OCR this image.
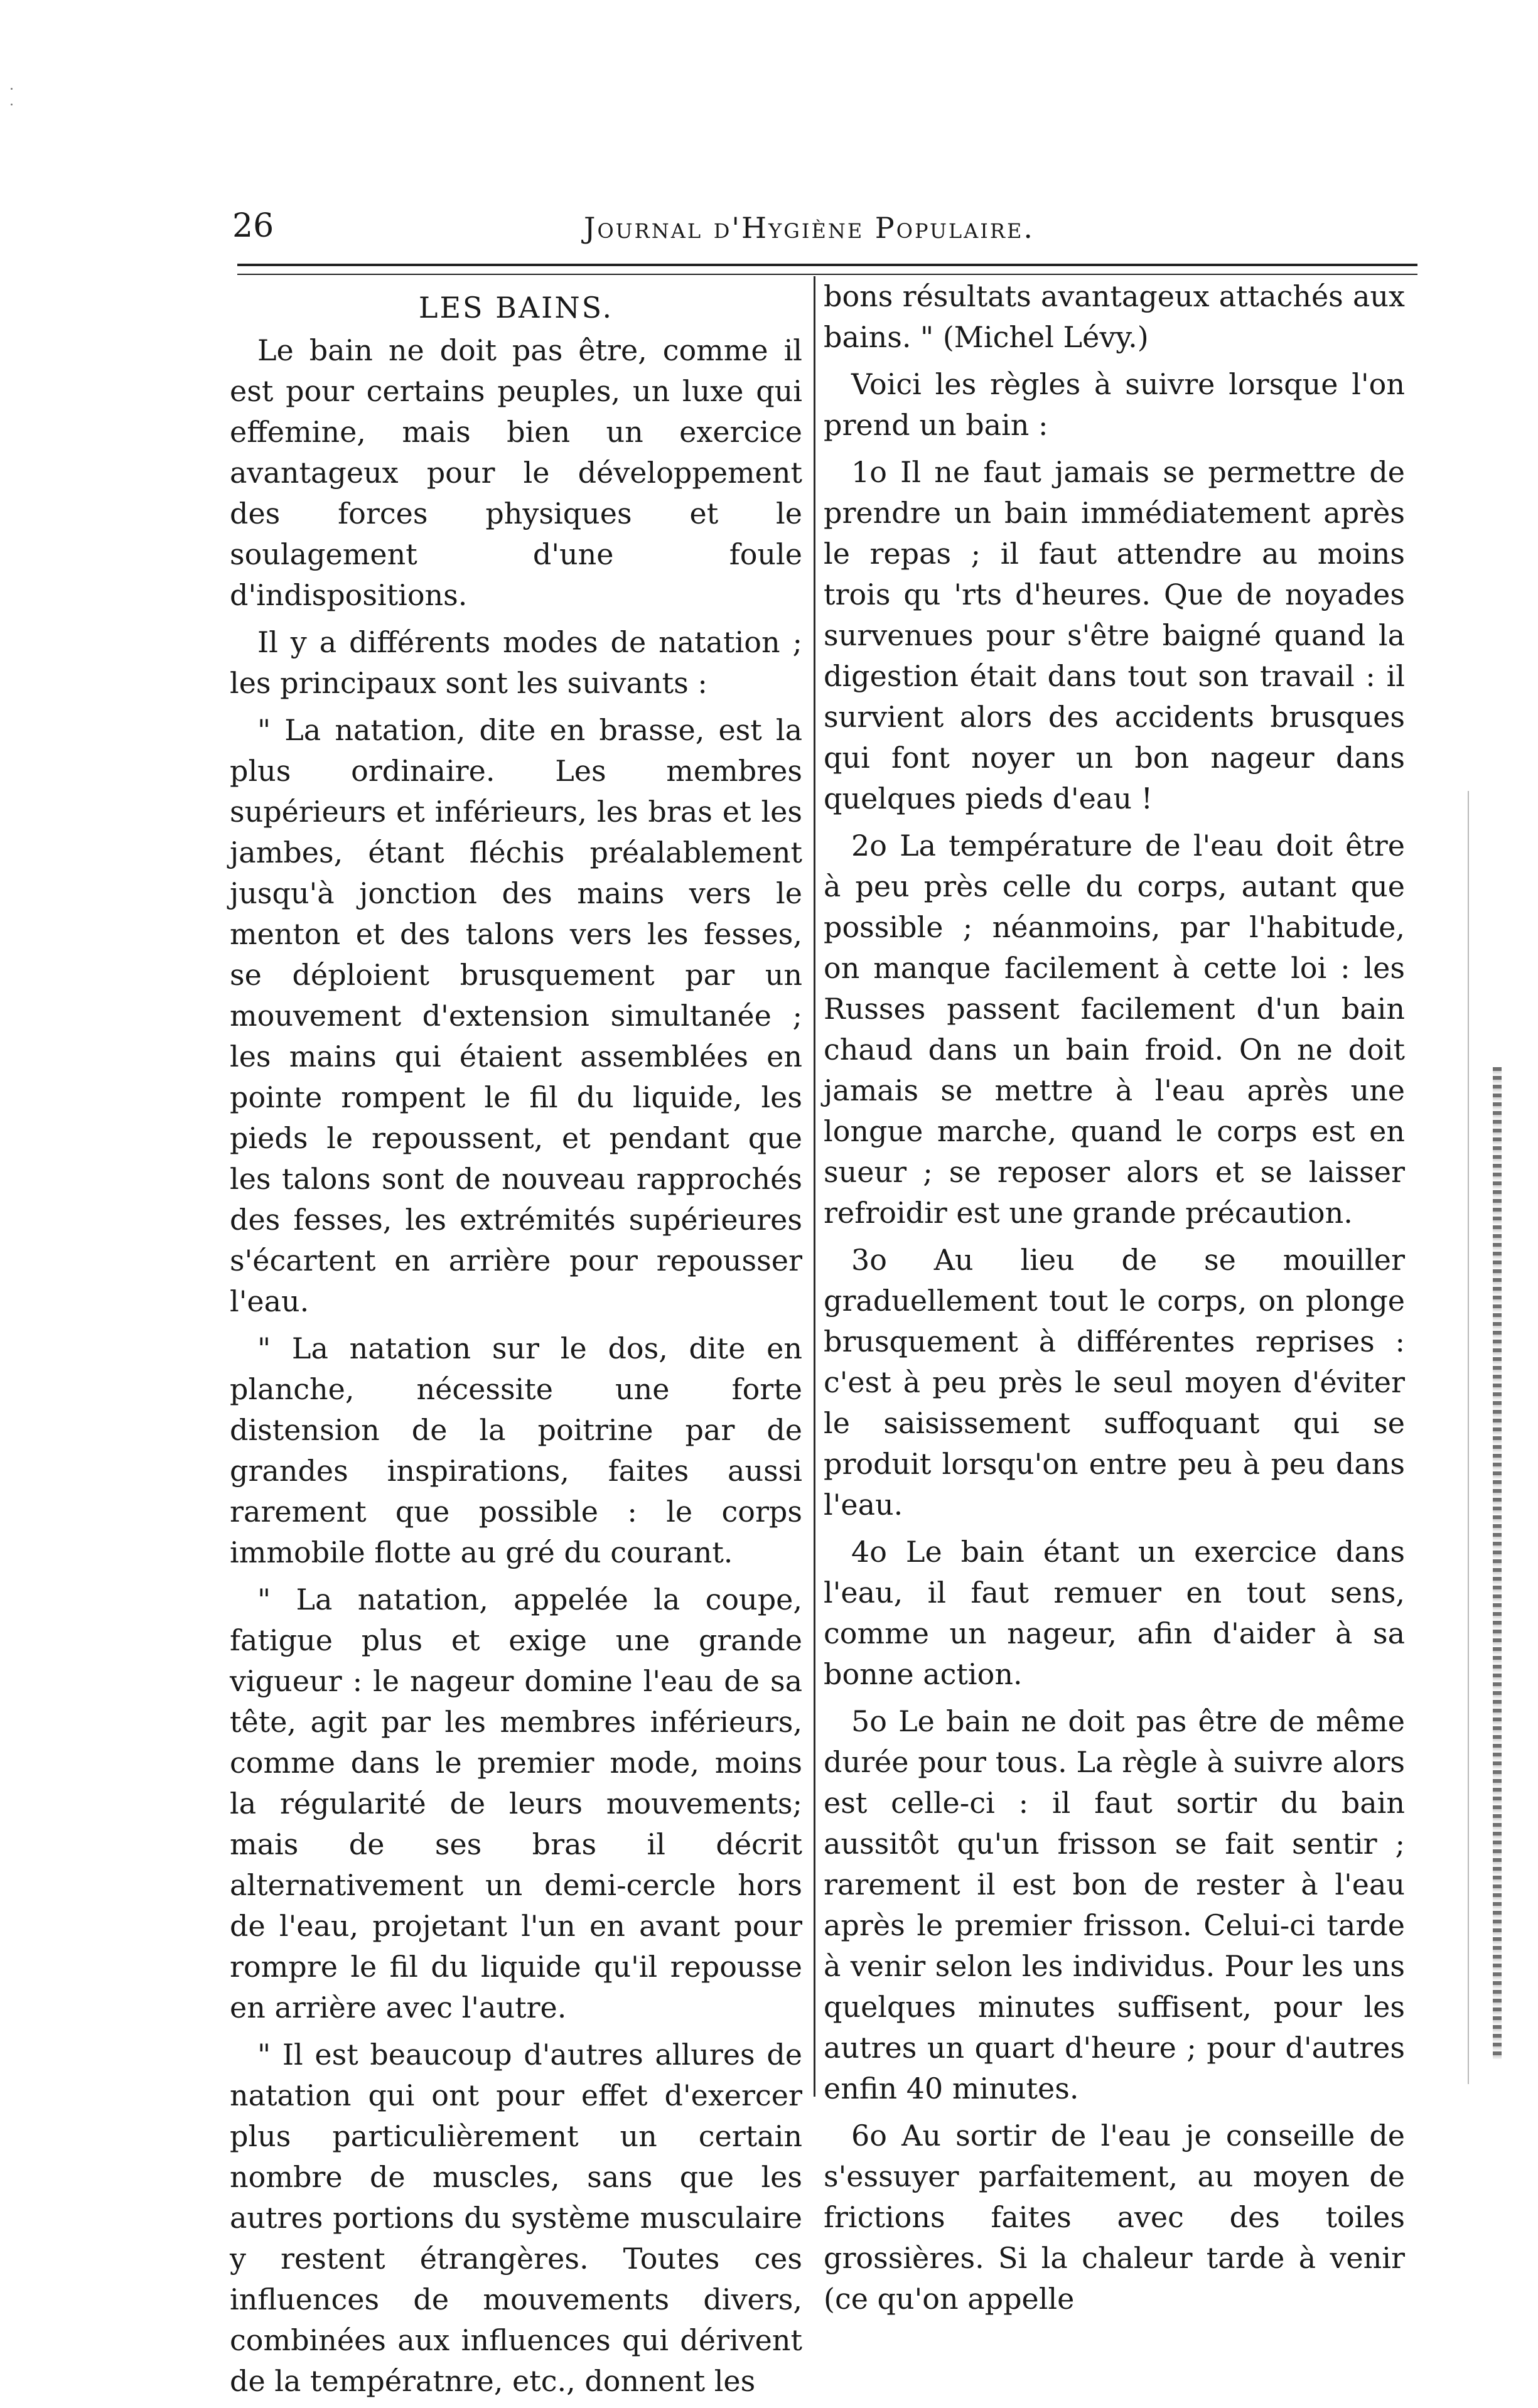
26	Journal d'Hygiène Populaire.
LES BAINS.

Le bain ne doit pas être, comme il est pour certains peuples, un luxe qui effemine, mais bien un exercice avantageux pour le développement des forces physiques et le soulagement d'une foule d'indispositions.

Il y a différents modes de natation ; les principaux sont les suivants :

" La natation, dite en brasse, est la plus ordinaire. Les membres supérieurs et inférieurs, les bras et les jambes, étant fléchis préalablement jusqu'à jonction des mains vers le menton et des talons vers les fesses, se déploient brusquement par un mouvement d'extension simultanée ; les mains qui étaient assemblées en pointe rompent le fil du liquide, les pieds le repoussent, et pendant que les talons sont de nouveau rapprochés des fesses, les extrémités supérieures s'écartent en arrière pour repousser l'eau.

" La natation sur le dos, dite en planche, nécessite une forte distension de la poitrine par de grandes inspirations, faites aussi rarement que possible : le corps immobile flotte au gré du courant.

" La natation, appelée la coupe, fatigue plus et exige une grande vigueur : le nageur domine l'eau de sa tête, agit par les membres inférieurs, comme dans le premier mode, moins la régularité de leurs mouvements; mais de ses bras il décrit alternativement un demi-cercle hors de l'eau, projetant l'un en avant pour rompre le fil du liquide qu'il repousse en arrière avec l'autre.

" Il est beaucoup d'autres allures de natation qui ont pour effet d'exercer plus particulièrement un certain nombre de muscles, sans que les autres portions du système musculaire y restent étrangères. Toutes ces influences de mouvements divers, combinées aux influences qui dérivent de la températnre, etc., donnent les

bons résultats avantageux attachés aux bains. " (Michel Lévy.)

Voici les règles à suivre lorsque l'on prend un bain :

1o Il ne faut jamais se permettre de prendre un bain immédiatement après le repas ; il faut attendre au moins trois qu 'rts d'heures. Que de noyades survenues pour s'être baigné quand la digestion était dans tout son travail : il survient alors des accidents brusques qui font noyer un bon nageur dans quelques pieds d'eau !

2o La température de l'eau doit être à peu près celle du corps, autant que possible ; néanmoins, par l'habitude, on manque facilement à cette loi : les Russes passent facilement d'un bain chaud dans un bain froid. On ne doit jamais se mettre à l'eau après une longue marche, quand le corps est en sueur ; se reposer alors et se laisser refroidir est une grande précaution.

3o Au lieu de se mouiller graduellement tout le corps, on plonge brusquement à différentes reprises : c'est à peu près le seul moyen d'éviter le saisissement suffoquant qui se produit lorsqu'on entre peu à peu dans l'eau.

4o Le bain étant un exercice dans l'eau, il faut remuer en tout sens, comme un nageur, afin d'aider à sa bonne action.

5o Le bain ne doit pas être de même durée pour tous. La règle à suivre alors est celle-ci : il faut sortir du bain aussitôt qu'un frisson se fait sentir ; rarement il est bon de rester à l'eau après le premier frisson. Celui-ci tarde à venir selon les individus. Pour les uns quelques minutes suffisent, pour les autres un quart d'heure ; pour d'autres enfin 40 minutes.

6o Au sortir de l'eau je conseille de s'essuyer parfaitement, au moyen de frictions faites avec des toiles grossières. Si la chaleur tarde à venir (ce qu'on appelle
